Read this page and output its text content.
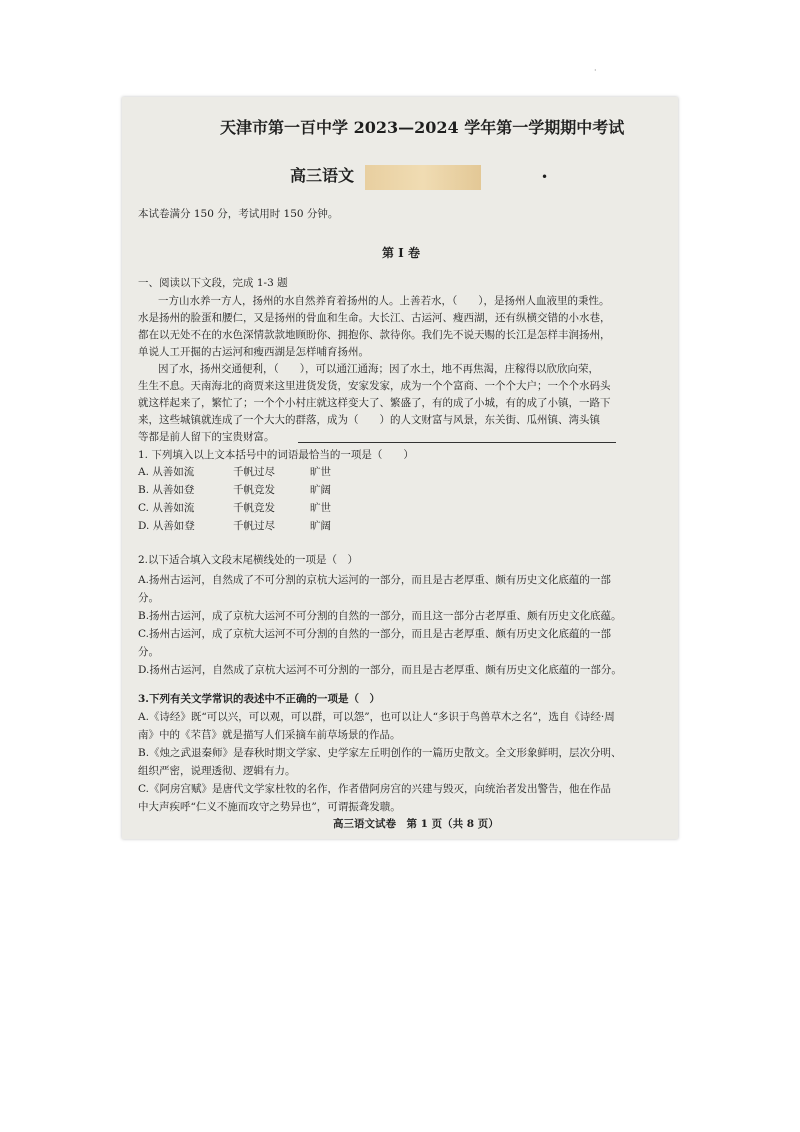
·
天津市第一百中学 2023—2024 学年第一学期期中考试
高三语文	•
本试卷满分 150 分，考试用时 150 分钟。
第 I 卷
一、阅读以下文段，完成 1-3 题
一方山水养一方人，扬州的水自然养育着扬州的人。上善若水，（　　），是扬州人血液里的秉性。
水是扬州的脸蛋和腰仁，又是扬州的骨血和生命。大长江、古运河、瘦西湖，还有纵横交错的小水巷，
都在以无处不在的水色深情款款地顾盼你、拥抱你、款待你。我们先不说天赐的长江是怎样丰润扬州，
单说人工开掘的古运河和瘦西湖是怎样哺育扬州。
因了水，扬州交通便利，（　　），可以通江通海；因了水土，地不再焦渴，庄稼得以欣欣向荣，
生生不息。天南海北的商贾来这里进货发货，安家发家，成为一个个富商、一个个大户；一个个水码头
就这样起来了，繁忙了；一个个小村庄就这样变大了、繁盛了，有的成了小城，有的成了小镇，一路下
来，这些城镇就连成了一个大大的群落，成为（　　）的人文财富与风景，东关街、瓜州镇、湾头镇
等都是前人留下的宝贵财富。
1. 下列填入以上文本括号中的词语最恰当的一项是（　　）
A. 从善如流	千帆过尽	旷世
B. 从善如登	千帆竞发	旷阔
C. 从善如流	千帆竞发	旷世
D. 从善如登	千帆过尽	旷阔
2.以下适合填入文段末尾横线处的一项是（　）
A.扬州古运河，自然成了不可分割的京杭大运河的一部分，而且是古老厚重、颇有历史文化底蕴的一部
分。
B.扬州古运河，成了京杭大运河不可分割的自然的一部分，而且这一部分古老厚重、颇有历史文化底蕴。
C.扬州古运河，成了京杭大运河不可分割的自然的一部分，而且是古老厚重、颇有历史文化底蕴的一部
分。
D.扬州古运河，自然成了京杭大运河不可分割的一部分，而且是古老厚重、颇有历史文化底蕴的一部分。
3.下列有关文学常识的表述中不正确的一项是（　）
A.《诗经》既“可以兴，可以观，可以群，可以怨”，也可以让人“多识于鸟兽草木之名”，选自《诗经·周
南》中的《芣苢》就是描写人们采摘车前草场景的作品。
B.《烛之武退秦师》是春秋时期文学家、史学家左丘明创作的一篇历史散文。全文形象鲜明，层次分明、
组织严密，说理透彻、逻辑有力。
C.《阿房宫赋》是唐代文学家杜牧的名作，作者借阿房宫的兴建与毁灭，向统治者发出警告，他在作品
中大声疾呼“仁义不施而攻守之势异也”，可谓振聋发聩。
高三语文试卷　第 1 页（共 8 页）
